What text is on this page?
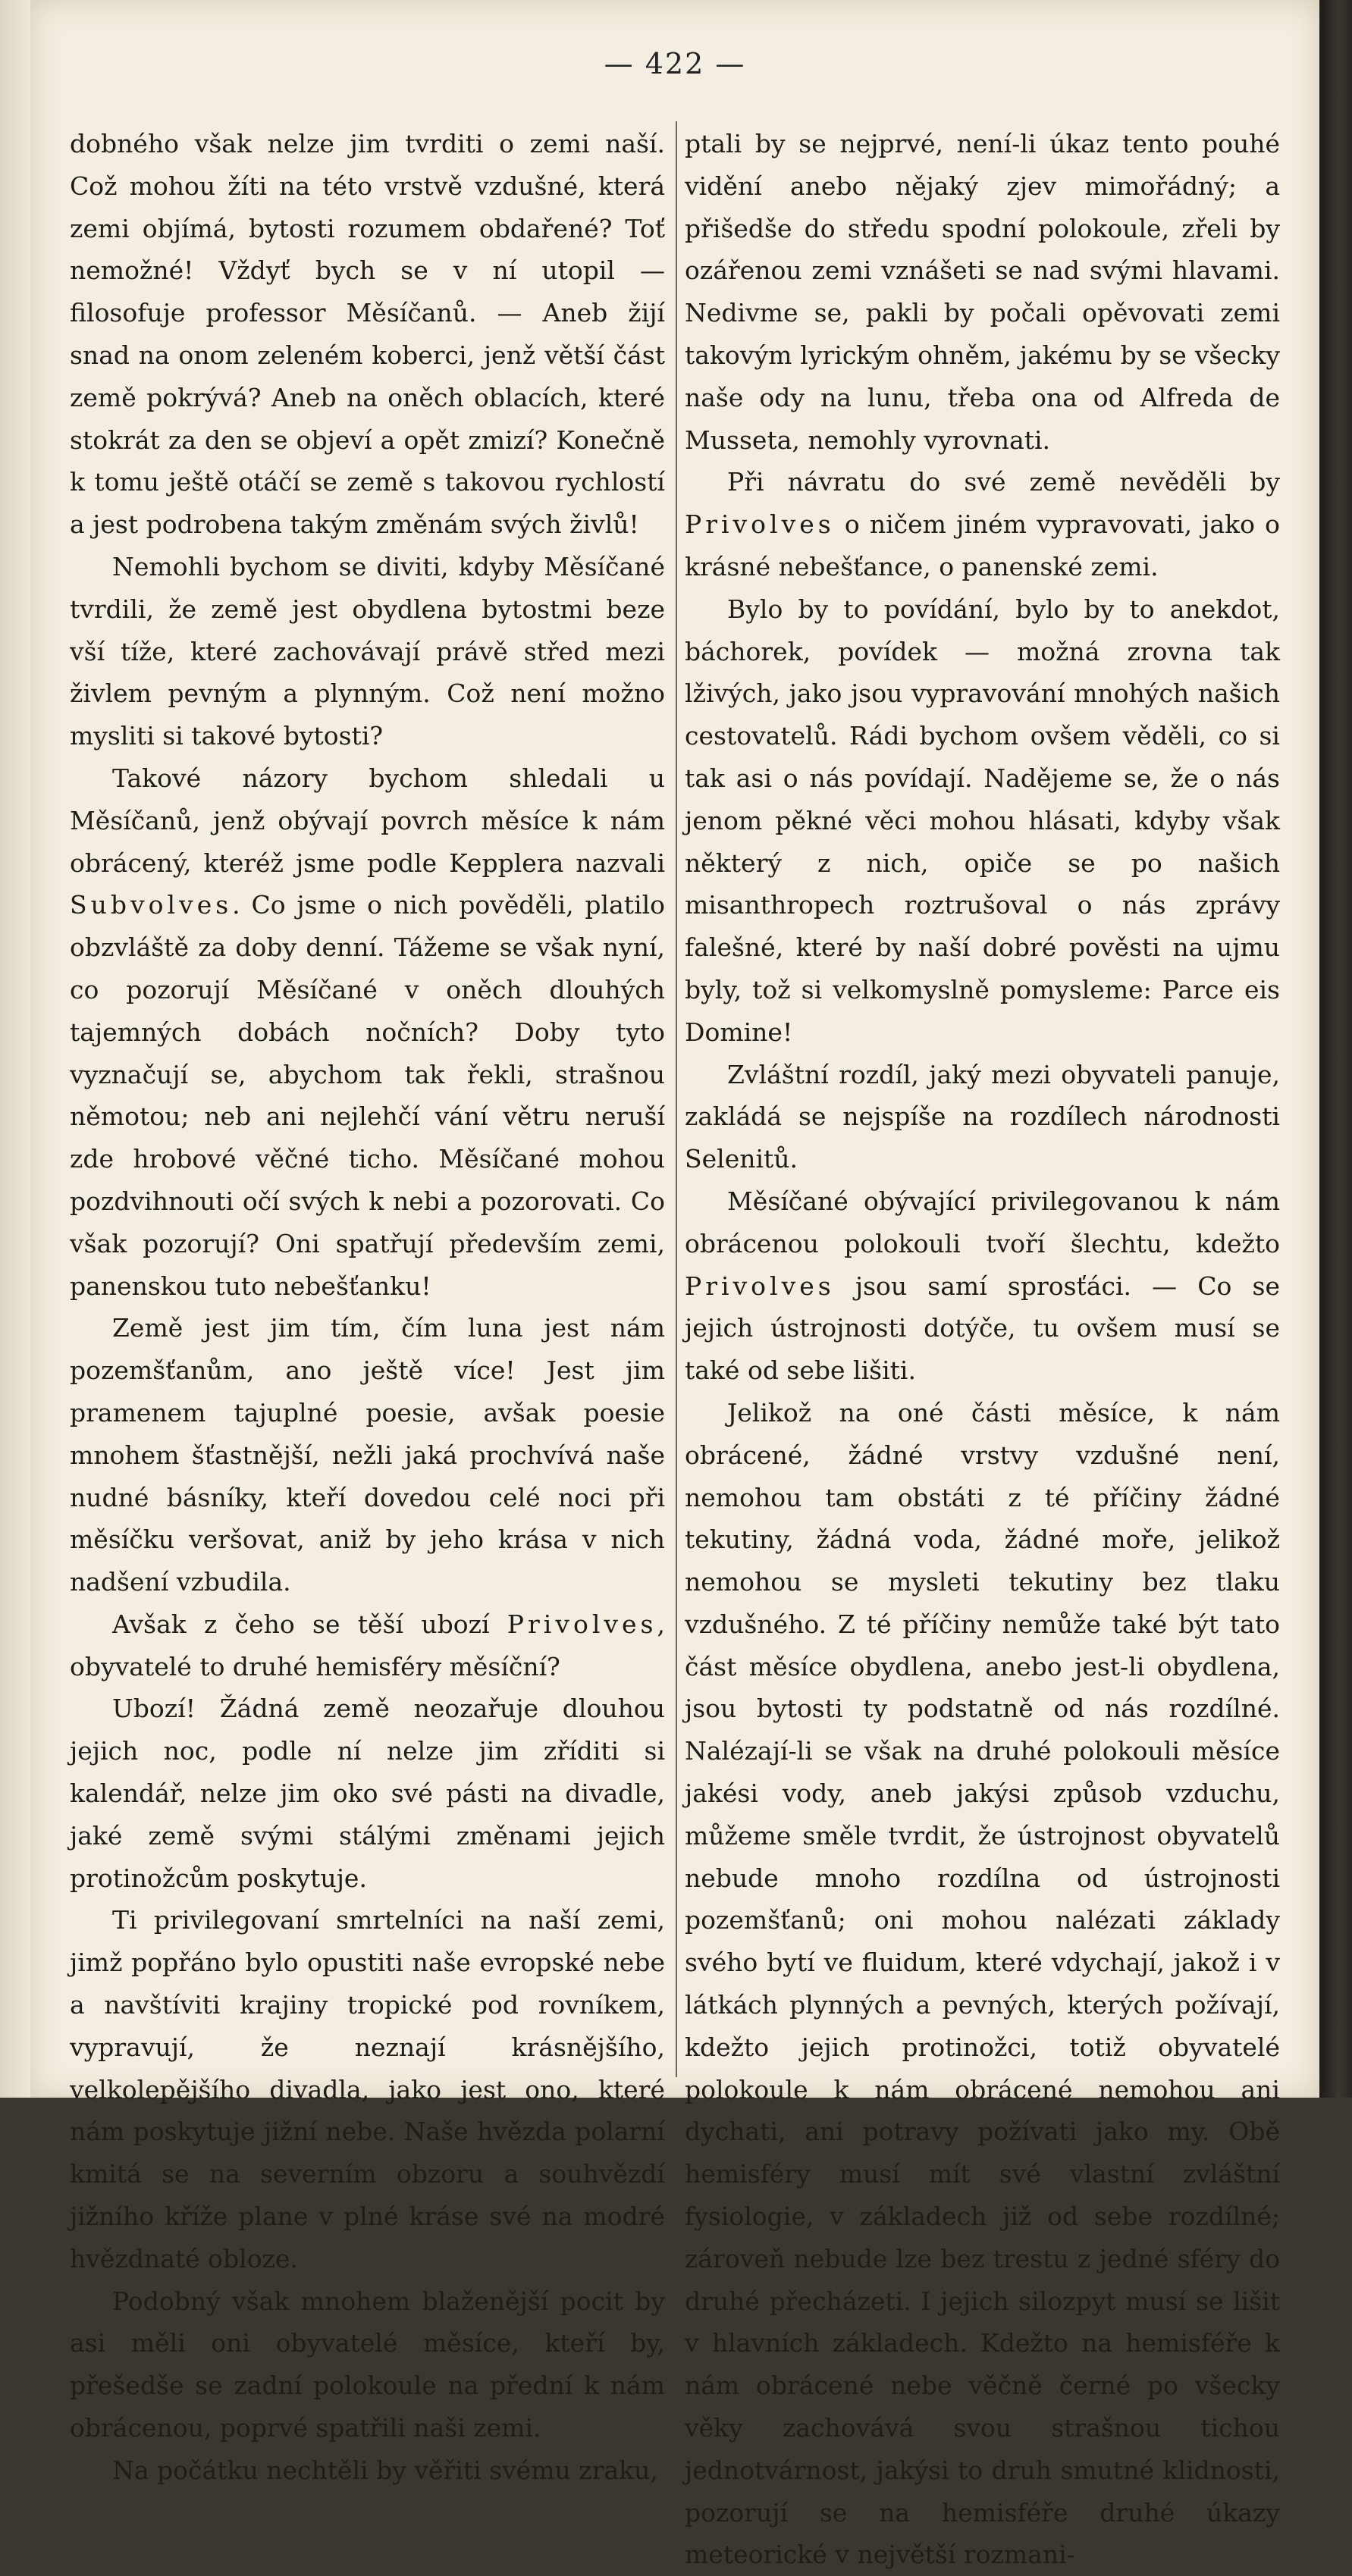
— 422 —

dobného však nelze jim tvrditi o zemi naší. Což mohou žíti na této vrstvě vzdušné, která zemi objímá, bytosti rozumem obdařené? Toť nemožné! Vždyť bych se v ní utopil — filosofuje professor Měsíčanů. — Aneb žijí snad na onom zeleném koberci, jenž větší část země pokrývá? Aneb na oněch oblacích, které stokrát za den se objeví a opět zmizí? Konečně k tomu ještě otáčí se země s takovou rychlostí a jest podrobena takým změnám svých živlů!

Nemohli bychom se diviti, kdyby Měsíčané tvrdili, že země jest obydlena bytostmi beze vší tíže, které zachovávají právě střed mezi živlem pevným a plynným. Což není možno mysliti si takové bytosti?

Takové názory bychom shledali u Měsíčanů, jenž obývají povrch měsíce k nám obrácený, kteréž jsme podle Kepplera nazvali Subvolves. Co jsme o nich pověděli, platilo obzvláště za doby denní. Tážeme se však nyní, co pozorují Měsíčané v oněch dlouhých tajemných dobách nočních? Doby tyto vyznačují se, abychom tak řekli, strašnou němotou; neb ani nejlehčí vání větru neruší zde hrobové věčné ticho. Měsíčané mohou pozdvihnouti očí svých k nebi a pozorovati. Co však pozorují? Oni spatřují především zemi, panenskou tuto nebešťanku!

Země jest jim tím, čím luna jest nám pozemšťanům, ano ještě více! Jest jim pramenem tajuplné poesie, avšak poesie mnohem šťastnější, nežli jaká prochvívá naše nudné básníky, kteří dovedou celé noci při měsíčku veršovat, aniž by jeho krása v nich nadšení vzbudila.

Avšak z čeho se těší ubozí Privolves, obyvatelé to druhé hemisféry měsíční?

Ubozí! Žádná země neozařuje dlouhou jejich noc, podle ní nelze jim zříditi si kalendář, nelze jim oko své pásti na divadle, jaké země svými stálými změnami jejich protinožcům poskytuje.

Ti privilegovaní smrtelníci na naší zemi, jimž popřáno bylo opustiti naše evropské nebe a navštíviti krajiny tropické pod rovníkem, vypravují, že neznají krásnějšího, velkolepějšího divadla, jako jest ono, které nám poskytuje jižní nebe. Naše hvězda polarní kmitá se na severním obzoru a souhvězdí jižního kříže plane v plné kráse své na modré hvězdnaté obloze.

Podobný však mnohem blaženější pocit by asi měli oni obyvatelé měsíce, kteří by, přešedše se zadní polokoule na přední k nám obrácenou, poprvé spatřili naši zemi.

Na počátku nechtěli by věřiti svému zraku,

ptali by se nejprvé, není-li úkaz tento pouhé vidění anebo nějaký zjev mimořádný; a přišedše do středu spodní polokoule, zřeli by ozářenou zemi vznášeti se nad svými hlavami. Nedivme se, pakli by počali opěvovati zemi takovým lyrickým ohněm, jakému by se všecky naše ody na lunu, třeba ona od Alfreda de Musseta, nemohly vyrovnati.

Při návratu do své země nevěděli by Privolves o ničem jiném vypravovati, jako o krásné nebešťance, o panenské zemi.

Bylo by to povídání, bylo by to anekdot, báchorek, povídek — možná zrovna tak lživých, jako jsou vypravování mnohých našich cestovatelů. Rádi bychom ovšem věděli, co si tak asi o nás povídají. Nadějeme se, že o nás jenom pěkné věci mohou hlásati, kdyby však některý z nich, opiče se po našich misanthropech roztrušoval o nás zprávy falešné, které by naší dobré pověsti na ujmu byly, tož si velkomyslně pomysleme: Parce eis Domine!

Zvláštní rozdíl, jaký mezi obyvateli panuje, zakládá se nejspíše na rozdílech národnosti Selenitů.

Měsíčané obývající privilegovanou k nám obrácenou polokouli tvoří šlechtu, kdežto Privolves jsou samí sprosťáci. — Co se jejich ústrojnosti dotýče, tu ovšem musí se také od sebe lišiti.

Jelikož na oné části měsíce, k nám obrácené, žádné vrstvy vzdušné není, nemohou tam obstáti z té příčiny žádné tekutiny, žádná voda, žádné moře, jelikož nemohou se mysleti tekutiny bez tlaku vzdušného. Z té příčiny nemůže také být tato část měsíce obydlena, anebo jest-li obydlena, jsou bytosti ty podstatně od nás rozdílné. Nalézají-li se však na druhé polokouli měsíce jakési vody, aneb jakýsi způsob vzduchu, můžeme směle tvrdit, že ústrojnost obyvatelů nebude mnoho rozdílna od ústrojnosti pozemšťanů; oni mohou nalézati základy svého bytí ve fluidum, které vdychají, jakož i v látkách plynných a pevných, kterých požívají, kdežto jejich protinožci, totiž obyvatelé polokoule k nám obrácené nemohou ani dychati, ani potravy požívati jako my. Obě hemisféry musí mít své vlastní zvláštní fysiologie, v základech již od sebe rozdílné; zároveň nebude lze bez trestu z jedné sféry do druhé přecházeti. I jejich silozpyt musí se lišit v hlavních základech. Kdežto na hemisféře k nám obrácené nebe věčně černé po všecky věky zachovává svou strašnou tichou jednotvárnost, jakýsi to druh smutné klidnosti, pozorují se na hemisféře druhé úkazy meteorické v největší rozmani-
